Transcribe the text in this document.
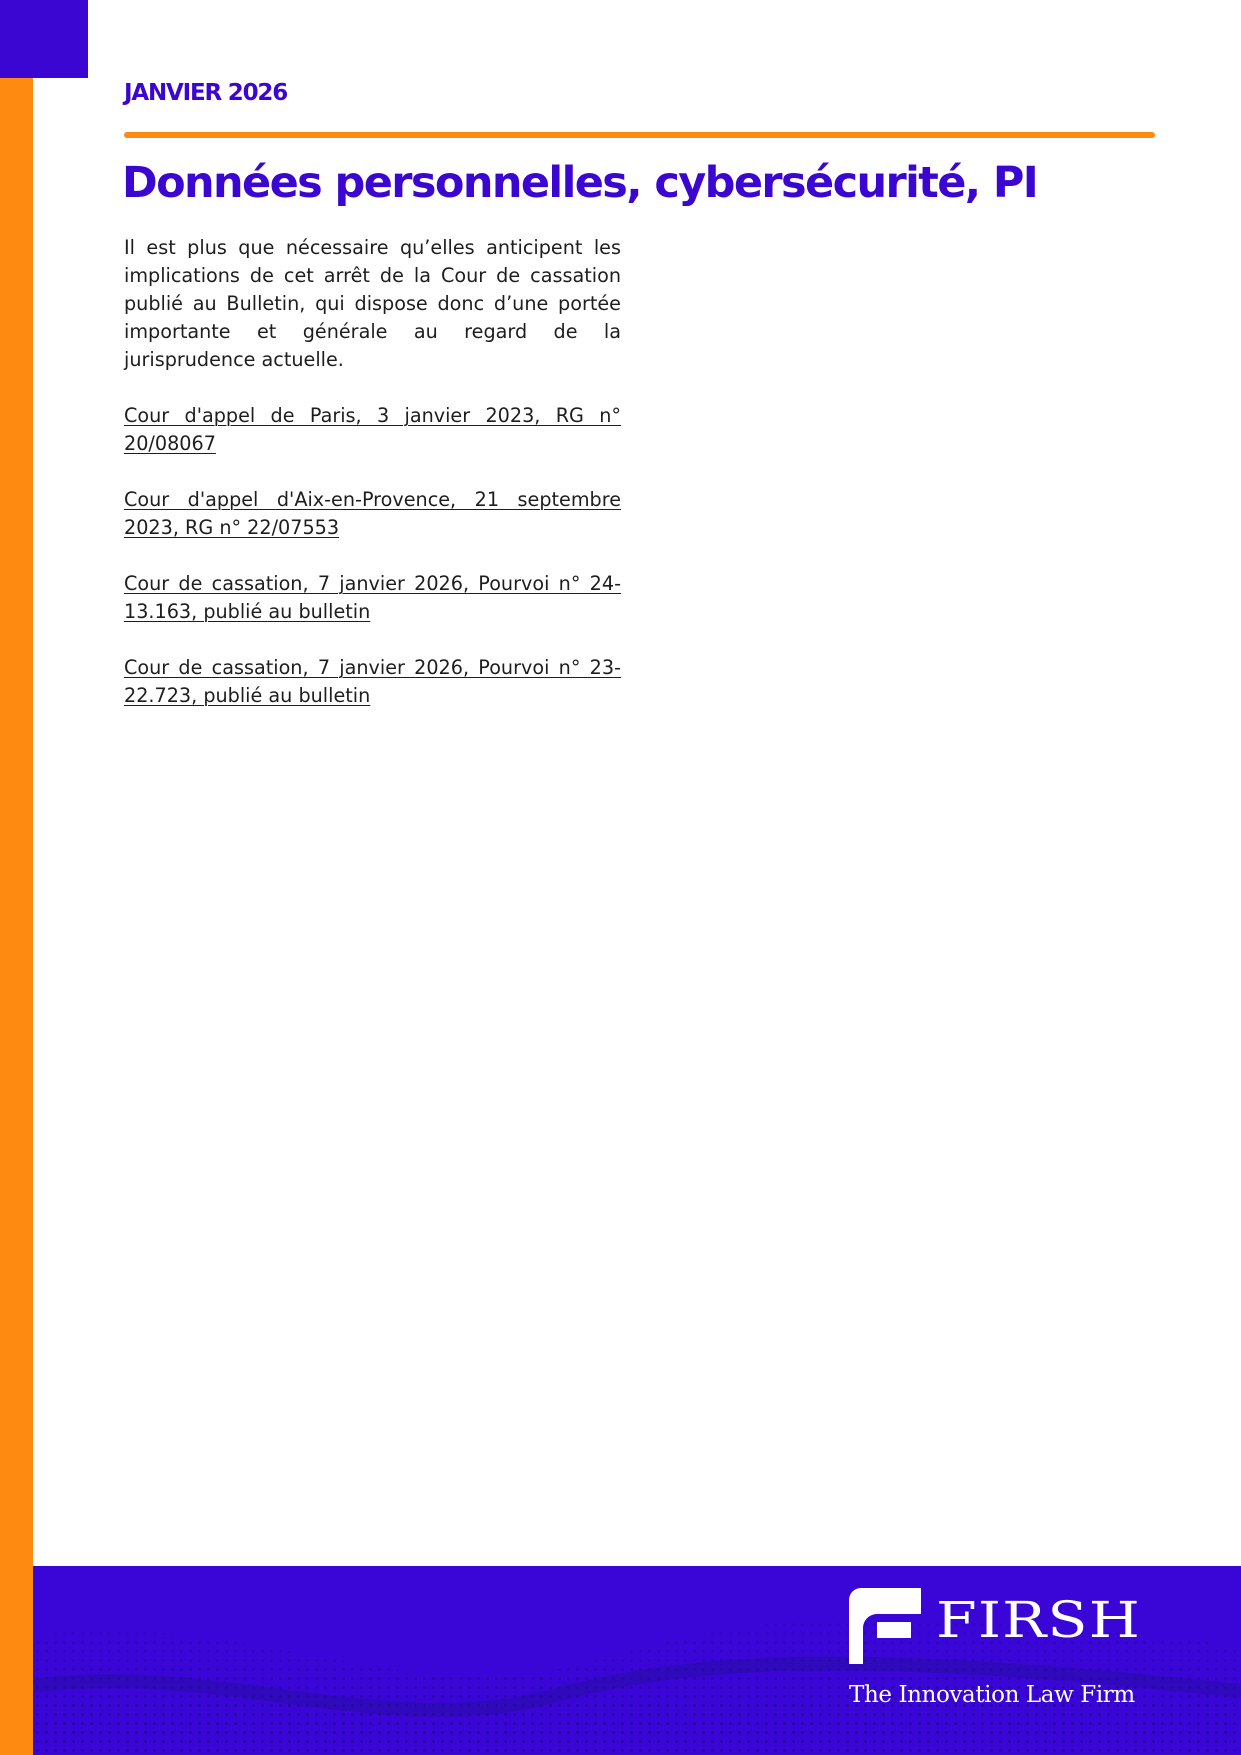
JANVIER 2026

Données personnelles, cybersécurité, PI

Il est plus que nécessaire qu’elles anticipent les implications de cet arrêt de la Cour de cassation publié au Bulletin, qui dispose donc d’une portée importante et générale au regard de la jurisprudence actuelle.

Cour d'appel de Paris, 3 janvier 2023, RG n° 20/08067

Cour d'appel d'Aix-en-Provence, 21 septembre 2023, RG n° 22/07553

Cour de cassation, 7 janvier 2026, Pourvoi n° 24-13.163, publié au bulletin

Cour de cassation, 7 janvier 2026, Pourvoi n° 23-22.723, publié au bulletin

FIRSH

The Innovation Law Firm
